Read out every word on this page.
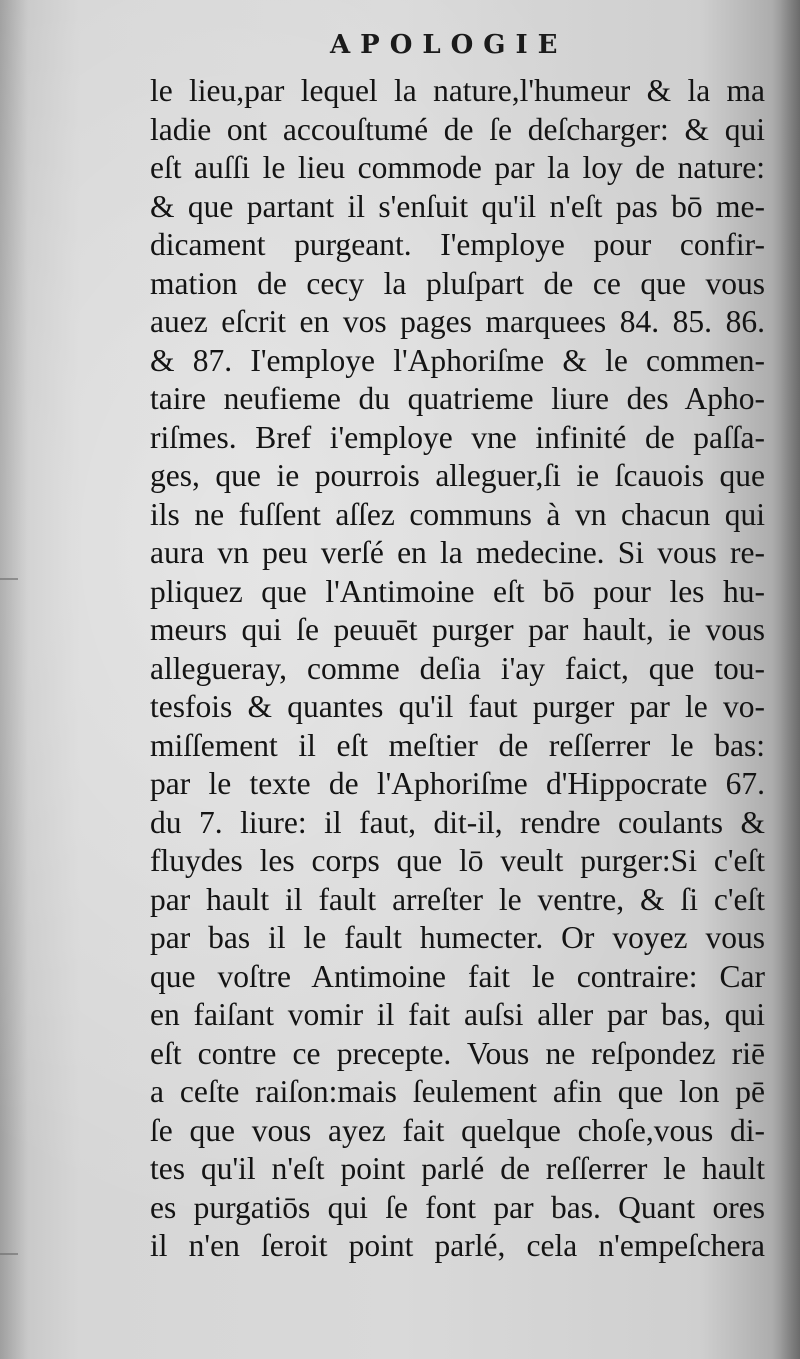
APOLOGIE
le lieu,par lequel la nature,l'humeur & la ma
ladie ont accouſtumé de ſe deſcharger: & qui
eſt auſſi le lieu commode par la loy de nature:
& que partant il s'enſuit qu'il n'eſt pas bō me-
dicament purgeant. I'employe pour confir-
mation de cecy la pluſpart de ce que vous
auez eſcrit en vos pages marquees 84. 85. 86.
& 87. I'employe l'Aphoriſme & le commen-
taire neufieme du quatrieme liure des Apho-
riſmes. Bref i'employe vne infinité de paſſa-
ges, que ie pourrois alleguer,ſi ie ſcauois que
ils ne fuſſent aſſez communs à vn chacun qui
aura vn peu verſé en la medecine. Si vous re-
pliquez que l'Antimoine eſt bō pour les hu-
meurs qui ſe peuuēt purger par hault, ie vous
allegueray, comme deſia i'ay faict, que tou-
tesfois & quantes qu'il faut purger par le vo-
miſſement il eſt meſtier de reſſerrer le bas:
par le texte de l'Aphoriſme d'Hippocrate 67.
du 7. liure: il faut, dit-il, rendre coulants &
fluydes les corps que lō veult purger:Si c'eſt
par hault il fault arreſter le ventre, & ſi c'eſt
par bas il le fault humecter. Or voyez vous
que voſtre Antimoine fait le contraire: Car
en faiſant vomir il fait auſsi aller par bas, qui
eſt contre ce precepte. Vous ne reſpondez riē
a ceſte raiſon:mais ſeulement afin que lon pē
ſe que vous ayez fait quelque choſe,vous di-
tes qu'il n'eſt point parlé de reſſerrer le hault
es purgatiōs qui ſe font par bas. Quant ores
il n'en ſeroit point parlé, cela n'empeſchera
